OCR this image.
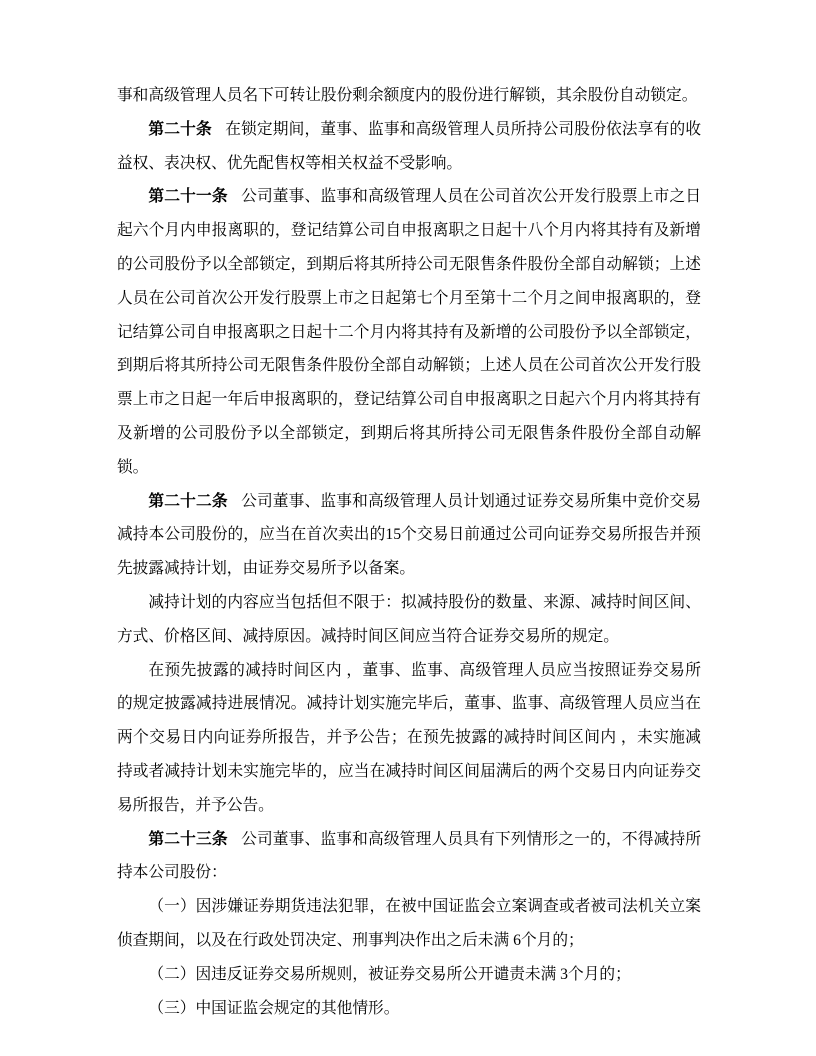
事和高级管理人员名下可转让股份剩余额度内的股份进行解锁，其余股份自动锁定。

第二十条 在锁定期间，董事、监事和高级管理人员所持公司股份依法享有的收益权、表决权、优先配售权等相关权益不受影响。

第二十一条 公司董事、监事和高级管理人员在公司首次公开发行股票上市之日起六个月内申报离职的，登记结算公司自申报离职之日起十八个月内将其持有及新增的公司股份予以全部锁定，到期后将其所持公司无限售条件股份全部自动解锁；上述人员在公司首次公开发行股票上市之日起第七个月至第十二个月之间申报离职的，登记结算公司自申报离职之日起十二个月内将其持有及新增的公司股份予以全部锁定，到期后将其所持公司无限售条件股份全部自动解锁；上述人员在公司首次公开发行股票上市之日起一年后申报离职的，登记结算公司自申报离职之日起六个月内将其持有及新增的公司股份予以全部锁定，到期后将其所持公司无限售条件股份全部自动解锁。

第二十二条 公司董事、监事和高级管理人员计划通过证券交易所集中竞价交易减持本公司股份的，应当在首次卖出的15个交易日前通过公司向证券交易所报告并预先披露减持计划，由证券交易所予以备案。

减持计划的内容应当包括但不限于：拟减持股份的数量、来源、减持时间区间、方式、价格区间、减持原因。减持时间区间应当符合证券交易所的规定。

在预先披露的减持时间区内 ，董事、监事、高级管理人员应当按照证券交易所的规定披露减持进展情况。减持计划实施完毕后，董事、监事、高级管理人员应当在两个交易日内向证券所报告，并予公告；在预先披露的减持时间区间内 ，未实施减持或者减持计划未实施完毕的，应当在减持时间区间届满后的两个交易日内向证券交易所报告，并予公告。

第二十三条 公司董事、监事和高级管理人员具有下列情形之一的，不得减持所持本公司股份：

（一）因涉嫌证券期货违法犯罪，在被中国证监会立案调查或者被司法机关立案侦查期间，以及在行政处罚决定、刑事判决作出之后未满 6个月的；

（二）因违反证券交易所规则，被证券交易所公开谴责未满 3个月的；

（三）中国证监会规定的其他情形。
